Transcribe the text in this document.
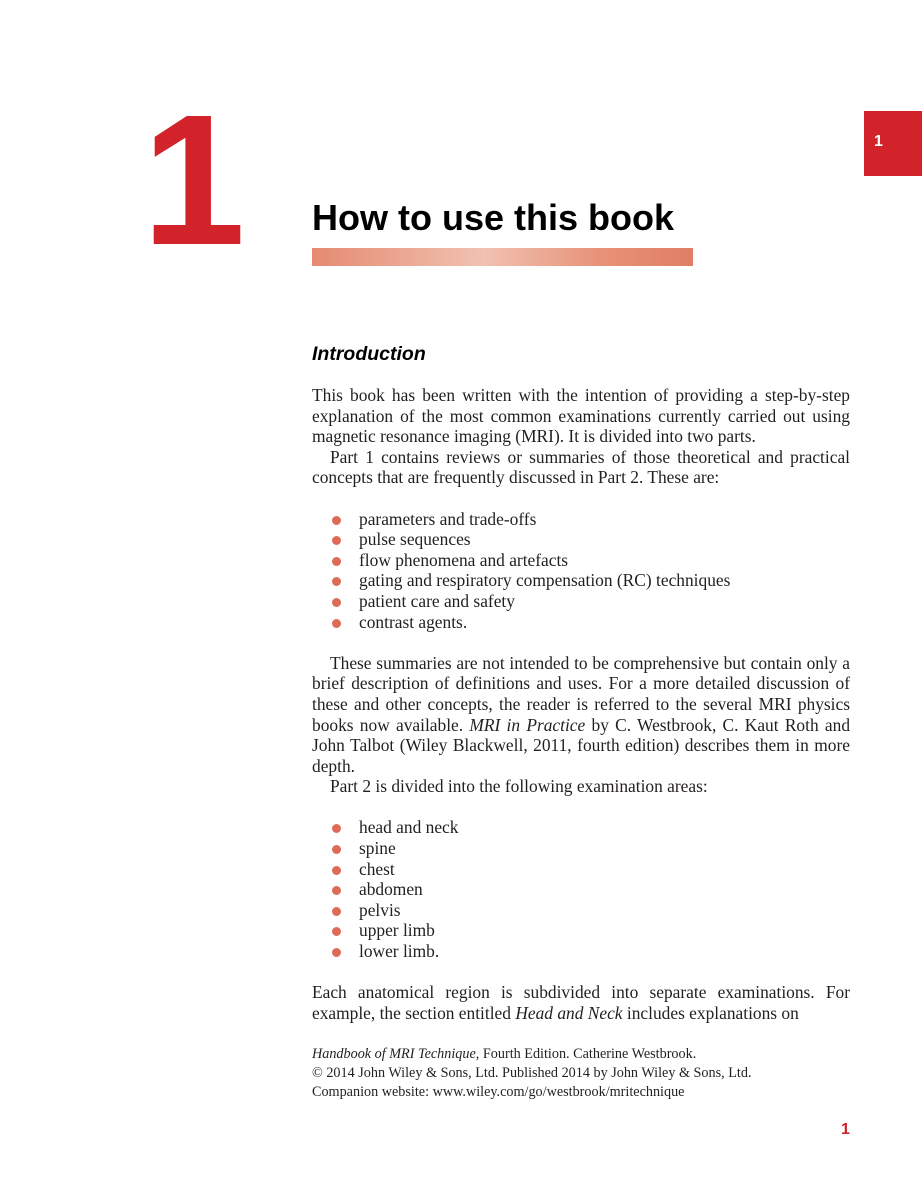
1	1
How to use this book
Introduction

This book has been written with the intention of providing a step-by-step explanation of the most common examinations currently carried out using magnetic resonance imaging (MRI). It is divided into two parts.

Part 1 contains reviews or summaries of those theoretical and practical concepts that are frequently discussed in Part 2. These are:

parameters and trade-offs
pulse sequences
flow phenomena and artefacts
gating and respiratory compensation (RC) techniques
patient care and safety
contrast agents.

These summaries are not intended to be comprehensive but contain only a brief description of definitions and uses. For a more detailed discussion of these and other concepts, the reader is referred to the several MRI physics books now available. MRI in Practice by C. Westbrook, C. Kaut Roth and John Talbot (Wiley Blackwell, 2011, fourth edition) describes them in more depth.

Part 2 is divided into the following examination areas:

head and neck
spine
chest
abdomen
pelvis
upper limb
lower limb.

Each anatomical region is subdivided into separate examinations. For example, the section entitled Head and Neck includes explanations on

Handbook of MRI Technique, Fourth Edition. Catherine Westbrook.
© 2014 John Wiley & Sons, Ltd. Published 2014 by John Wiley & Sons, Ltd.
Companion website: www.wiley.com/go/westbrook/mritechnique
1
